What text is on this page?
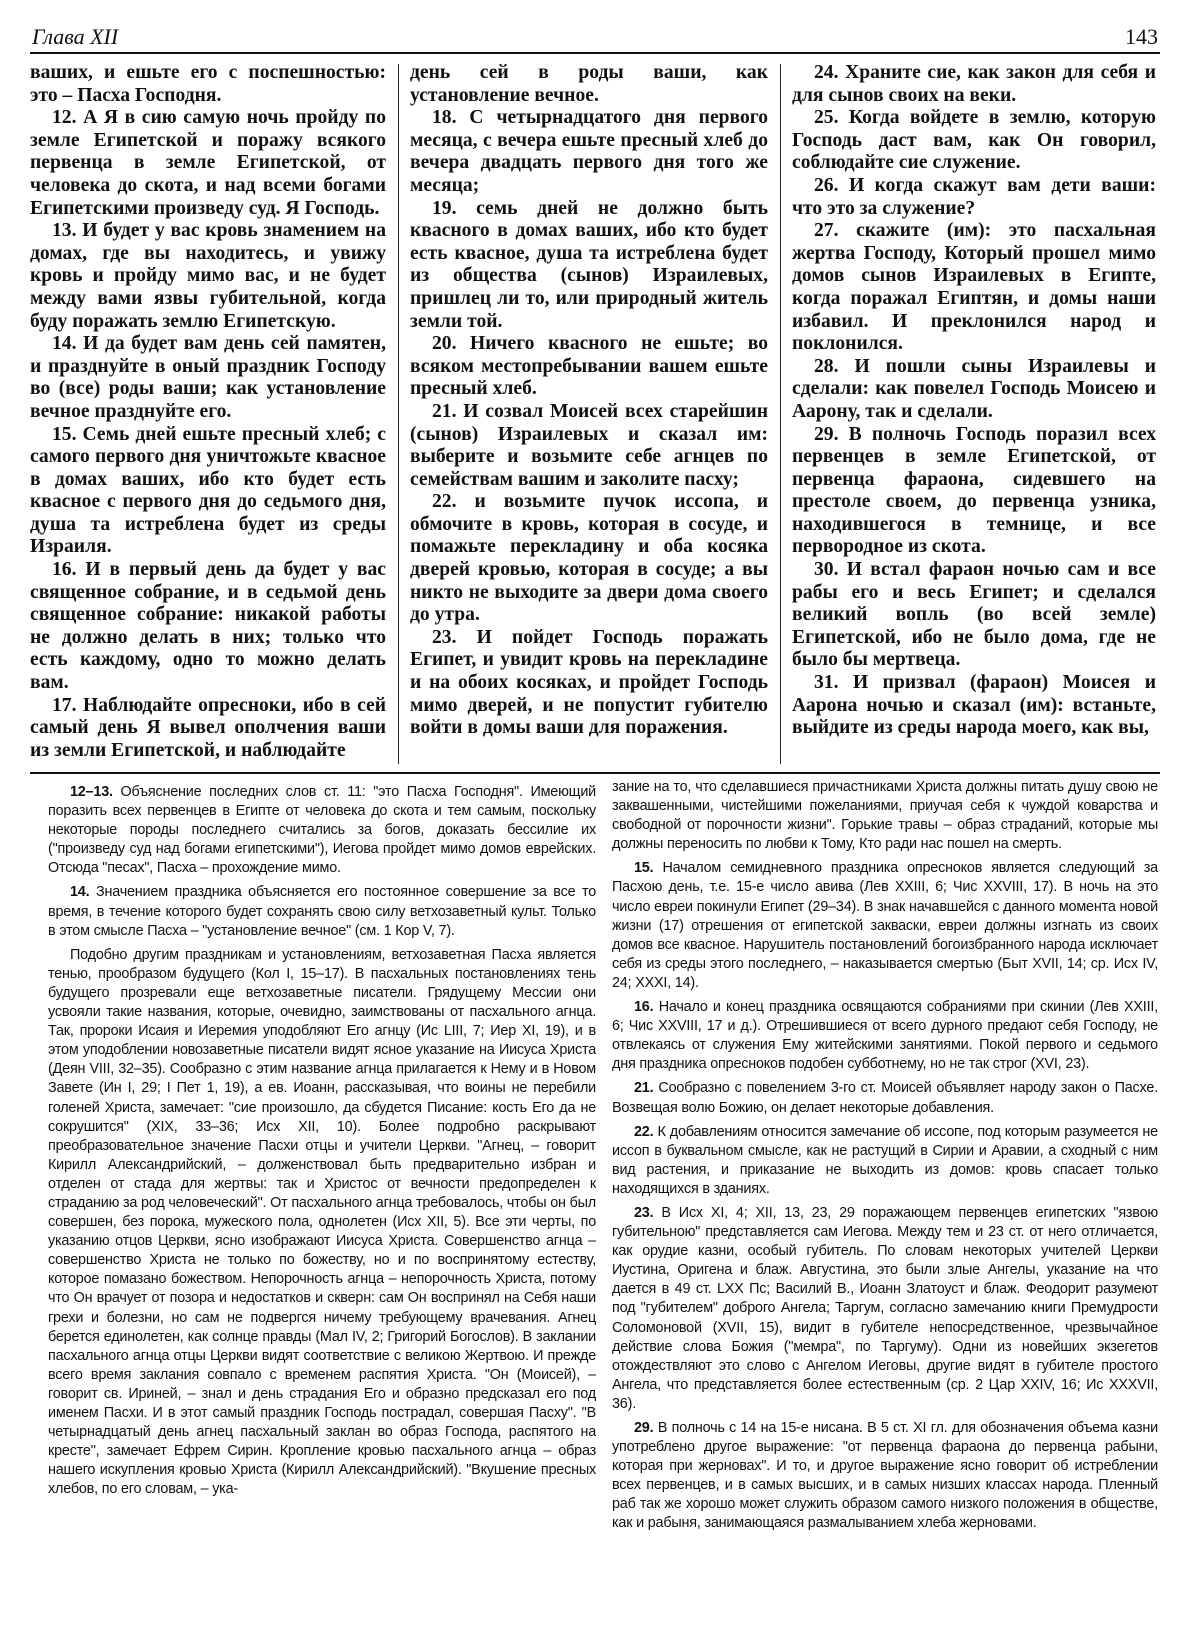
Глава XII	143

ваших, и ешьте его с поспешностью: это – Пасха Господня.

12. А Я в сию самую ночь пройду по земле Египетской и поражу всякого первенца в земле Египетской, от человека до скота, и над всеми богами Египетскими произведу суд. Я Господь.

13. И будет у вас кровь знамением на домах, где вы находитесь, и увижу кровь и пройду мимо вас, и не будет между вами язвы губительной, когда буду поражать землю Египетскую.

14. И да будет вам день сей памятен, и празднуйте в оный праздник Господу во (все) роды ваши; как установление вечное празднуйте его.

15. Семь дней ешьте пресный хлеб; с самого первого дня уничтожьте квасное в домах ваших, ибо кто будет есть квасное с первого дня до седьмого дня, душа та истреблена будет из среды Израиля.

16. И в первый день да будет у вас священное собрание, и в седьмой день священное собрание: никакой работы не должно делать в них; только что есть каждому, одно то можно делать вам.

17. Наблюдайте опресноки, ибо в сей самый день Я вывел ополчения ваши из земли Египетской, и наблюдайте

день сей в роды ваши, как установление вечное.

18. С четырнадцатого дня первого месяца, с вечера ешьте пресный хлеб до вечера двадцать первого дня того же месяца;

19. семь дней не должно быть квасного в домах ваших, ибо кто будет есть квасное, душа та истреблена будет из общества (сынов) Израилевых, пришлец ли то, или природный житель земли той.

20. Ничего квасного не ешьте; во всяком местопребывании вашем ешьте пресный хлеб.

21. И созвал Моисей всех старейшин (сынов) Израилевых и сказал им: выберите и возьмите себе агнцев по семействам вашим и заколите пасху;

22. и возьмите пучок иссопа, и обмочите в кровь, которая в сосуде, и помажьте перекладину и оба косяка дверей кровью, которая в сосуде; а вы никто не выходите за двери дома своего до утра.

23. И пойдет Господь поражать Египет, и увидит кровь на перекладине и на обоих косяках, и пройдет Господь мимо дверей, и не попустит губителю войти в домы ваши для поражения.

24. Храните сие, как закон для себя и для сынов своих на веки.

25. Когда войдете в землю, которую Господь даст вам, как Он говорил, соблюдайте сие служение.

26. И когда скажут вам дети ваши: что это за служение?

27. скажите (им): это пасхальная жертва Господу, Который прошел мимо домов сынов Израилевых в Египте, когда поражал Египтян, и домы наши избавил. И преклонился народ и поклонился.

28. И пошли сыны Израилевы и сделали: как повелел Господь Моисею и Аарону, так и сделали.

29. В полночь Господь поразил всех первенцев в земле Египетской, от первенца фараона, сидевшего на престоле своем, до первенца узника, находившегося в темнице, и все первородное из скота.

30. И встал фараон ночью сам и все рабы его и весь Египет; и сделался великий вопль (во всей земле) Египетской, ибо не было дома, где не было бы мертвеца.

31. И призвал (фараон) Моисея и Аарона ночью и сказал (им): встаньте, выйдите из среды народа моего, как вы,

12–13. Объяснение последних слов ст. 11: "это Пасха Господня". Имеющий поразить всех первенцев в Египте от человека до скота и тем самым, поскольку некоторые породы последнего считались за богов, доказать бессилие их ("произведу суд над богами египетскими"), Иегова пройдет мимо домов еврейских. Отсюда "песах", Пасха – прохождение мимо.

14. Значением праздника объясняется его постоянное совершение за все то время, в течение которого будет сохранять свою силу ветхозаветный культ. Только в этом смысле Пасха – "установление вечное" (см. 1 Кор V, 7).

Подобно другим праздникам и установлениям, ветхозаветная Пасха является тенью, прообразом будущего (Кол I, 15–17). В пасхальных постановлениях тень будущего прозревали еще ветхозаветные писатели. Грядущему Мессии они усвояли такие названия, которые, очевидно, заимствованы от пасхального агнца. Так, пророки Исаия и Иеремия уподобляют Его агнцу (Ис LIII, 7; Иер XI, 19), и в этом уподоблении новозаветные писатели видят ясное указание на Иисуса Христа (Деян VIII, 32–35). Сообразно с этим название агнца прилагается к Нему и в Новом Завете (Ин I, 29; I Пет 1, 19), а ев. Иоанн, рассказывая, что воины не перебили голеней Христа, замечает: "сие произошло, да сбудется Писание: кость Его да не сокрушится" (XIX, 33–36; Исх XII, 10). Более подробно раскрывают преобразовательное значение Пасхи отцы и учители Церкви. "Агнец, – говорит Кирилл Александрийский, – долженствовал быть предварительно избран и отделен от стада для жертвы: так и Христос от вечности предопределен к страданию за род человеческий". От пасхального агнца требовалось, чтобы он был совершен, без порока, мужеского пола, однолетен (Исх XII, 5). Все эти черты, по указанию отцов Церкви, ясно изображают Иисуса Христа. Совершенство агнца – совершенство Христа не только по божеству, но и по воспринятому естеству, которое помазано божеством. Непорочность агнца – непорочность Христа, потому что Он врачует от позора и недостатков и скверн: сам Он воспринял на Себя наши грехи и болезни, но сам не подвергся ничему требующему врачевания. Агнец берется единолетен, как солнце правды (Мал IV, 2; Григорий Богослов). В заклании пасхального агнца отцы Церкви видят соответствие с великою Жертвою. И прежде всего время заклания совпало с временем распятия Христа. "Он (Моисей), – говорит св. Ириней, – знал и день страдания Его и образно предсказал его под именем Пасхи. И в этот самый праздник Господь пострадал, совершая Пасху". "В четырнадцатый день агнец пасхальный заклан во образ Господа, распятого на кресте", замечает Ефрем Сирин. Кропление кровью пасхального агнца – образ нашего искупления кровью Христа (Кирилл Александрийский). "Вкушение пресных хлебов, по его словам, – ука-

зание на то, что сделавшиеся причастниками Христа должны питать душу свою не заквашенными, чистейшими пожеланиями, приучая себя к чуждой коварства и свободной от порочности жизни". Горькие травы – образ страданий, которые мы должны переносить по любви к Тому, Кто ради нас пошел на смерть.

15. Началом семидневного праздника опресноков является следующий за Пасхою день, т.е. 15-е число авива (Лев XXIII, 6; Чис XXVIII, 17). В ночь на это число евреи покинули Египет (29–34). В знак начавшейся с данного момента новой жизни (17) отрешения от египетской закваски, евреи должны изгнать из своих домов все квасное. Нарушитель постановлений богоизбранного народа исключает себя из среды этого последнего, – наказывается смертью (Быт XVII, 14; ср. Исх IV, 24; XXXI, 14).

16. Начало и конец праздника освящаются собраниями при скинии (Лев XXIII, 6; Чис XXVIII, 17 и д.). Отрешившиеся от всего дурного предают себя Господу, не отвлекаясь от служения Ему житейскими занятиями. Покой первого и седьмого дня праздника опресноков подобен субботнему, но не так строг (XVI, 23).

21. Сообразно с повелением 3-го ст. Моисей объявляет народу закон о Пасхе. Возвещая волю Божию, он делает некоторые добавления.

22. К добавлениям относится замечание об иссопе, под которым разумеется не иссоп в буквальном смысле, как не растущий в Сирии и Аравии, а сходный с ним вид растения, и приказание не выходить из домов: кровь спасает только находящихся в зданиях.

23. В Исх XI, 4; XII, 13, 23, 29 поражающем первенцев египетских "язвою губительною" представляется сам Иегова. Между тем и 23 ст. от него отличается, как орудие казни, особый губитель. По словам некоторых учителей Церкви Иустина, Оригена и блаж. Августина, это были злые Ангелы, указание на что дается в 49 ст. LXX Пс; Василий В., Иоанн Златоуст и блаж. Феодорит разумеют под "губителем" доброго Ангела; Таргум, согласно замечанию книги Премудрости Соломоновой (XVII, 15), видит в губителе непосредственное, чрезвычайное действие слова Божия ("мемра", по Таргуму). Одни из новейших экзегетов отождествляют это слово с Ангелом Иеговы, другие видят в губителе простого Ангела, что представляется более естественным (ср. 2 Цар XXIV, 16; Ис XXXVII, 36).

29. В полночь с 14 на 15-е нисана. В 5 ст. XI гл. для обозначения объема казни употреблено другое выражение: "от первенца фараона до первенца рабыни, которая при жерновах". И то, и другое выражение ясно говорит об истреблении всех первенцев, и в самых высших, и в самых низших классах народа. Пленный раб так же хорошо может служить образом самого низкого положения в обществе, как и рабыня, занимающаяся размалыванием хлеба жерновами.
